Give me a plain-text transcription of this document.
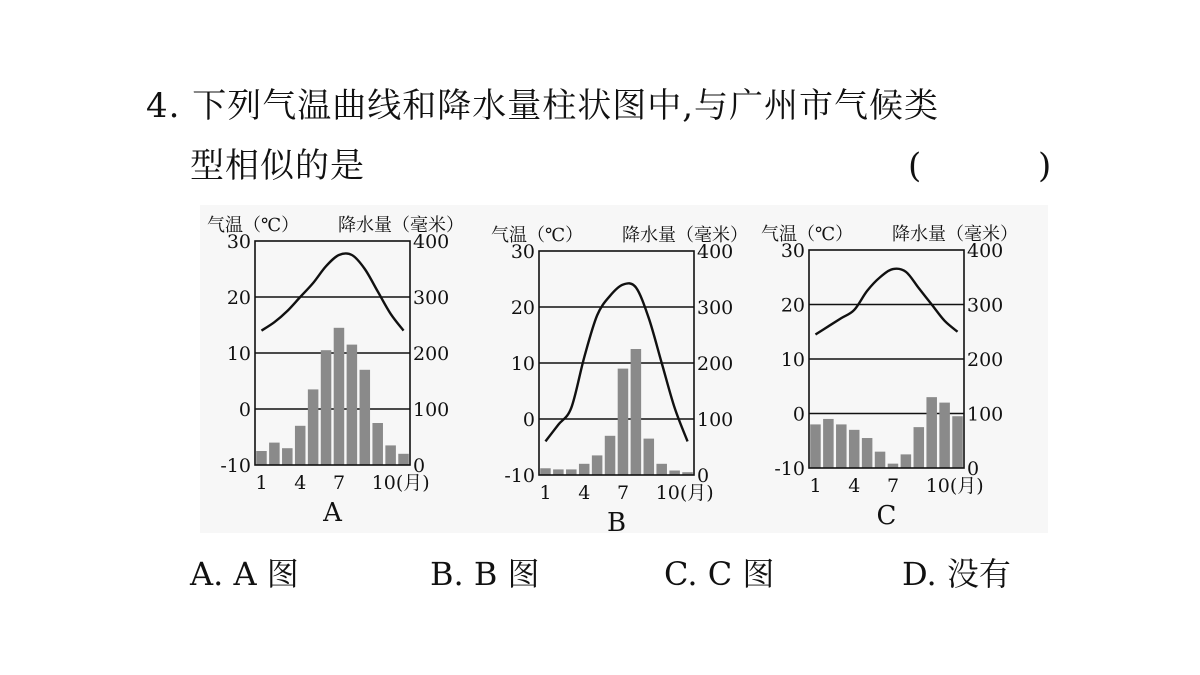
4. 下列气温曲线和降水量柱状图中,与广州市气候类
型相似的是	(	)
30
20
10
0
-10
400
300
200
100
0
气温（℃） 降水量（毫米）
1 4 7 10(月)
A
30
20
10
0
-10
400
300
200
100
0
气温（℃） 降水量（毫米）
1 4 7 10(月)
B
30
20
10
0
-10
400
300
200
100
0
气温（℃） 降水量（毫米）
1 4 7 10(月)
C
A. A 图	B. B 图	C. C 图	D. 没有
